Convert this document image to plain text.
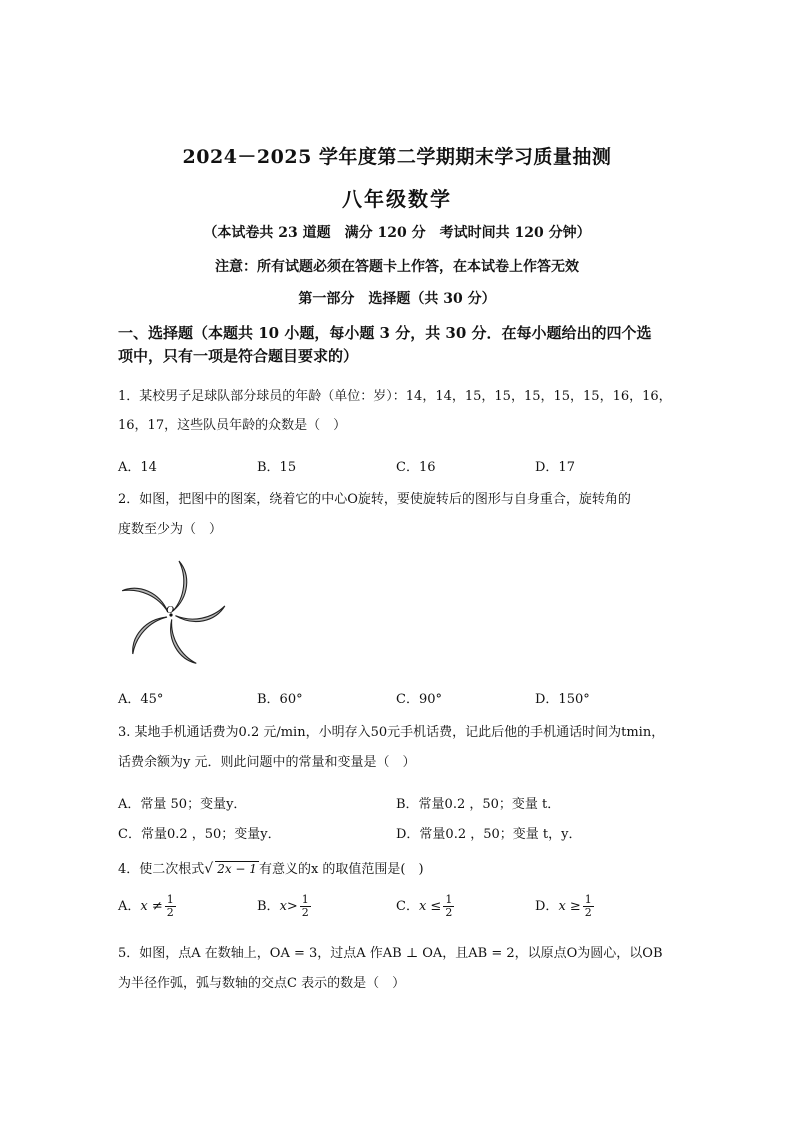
2024－2025 学年度第二学期期末学习质量抽测
八年级数学
（本试卷共 23 道题　满分 120 分　考试时间共 120 分钟）
注意：所有试题必须在答题卡上作答，在本试卷上作答无效
第一部分　选择题（共 30 分）
一、选择题（本题共 10 小题，每小题 3 分，共 30 分．在每小题给出的四个选
项中，只有一项是符合题目要求的）
1．某校男子足球队部分球员的年龄（单位：岁）：14，14，15，15，15，15，15，16，16，
16，17，这些队员年龄的众数是（　）
A．14	B．15	C．16	D．17
2．如图，把图中的图案，绕着它的中心O旋转，要使旋转后的图形与自身重合，旋转角的
度数至少为（　）
O
A．45°	B．60°	C．90°	D．150°
3. 某地手机通话费为0.2 元/min，小明存入50元手机话费，记此后他的手机通话时间为tmin，
话费余额为y 元．则此问题中的常量和变量是（　）
A．常量 50；变量y．	B．常量0.2 ，50；变量 t．
C．常量0.2 ，50；变量y．	D．常量0.2 ，50；变量 t，y．
4．使二次根式√ 2x − 1 有意义的x 的取值范围是(　)
A．$x \ne \frac{1}{2}$	B．$x> \frac{1}{2}$	C．$x \le \frac{1}{2}$	D．$x \ge \frac{1}{2}$
5．如图，点A 在数轴上，OA = 3，过点A 作AB ⊥ OA，且AB = 2，以原点O为圆心，以OB
为半径作弧，弧与数轴的交点C 表示的数是（　）
